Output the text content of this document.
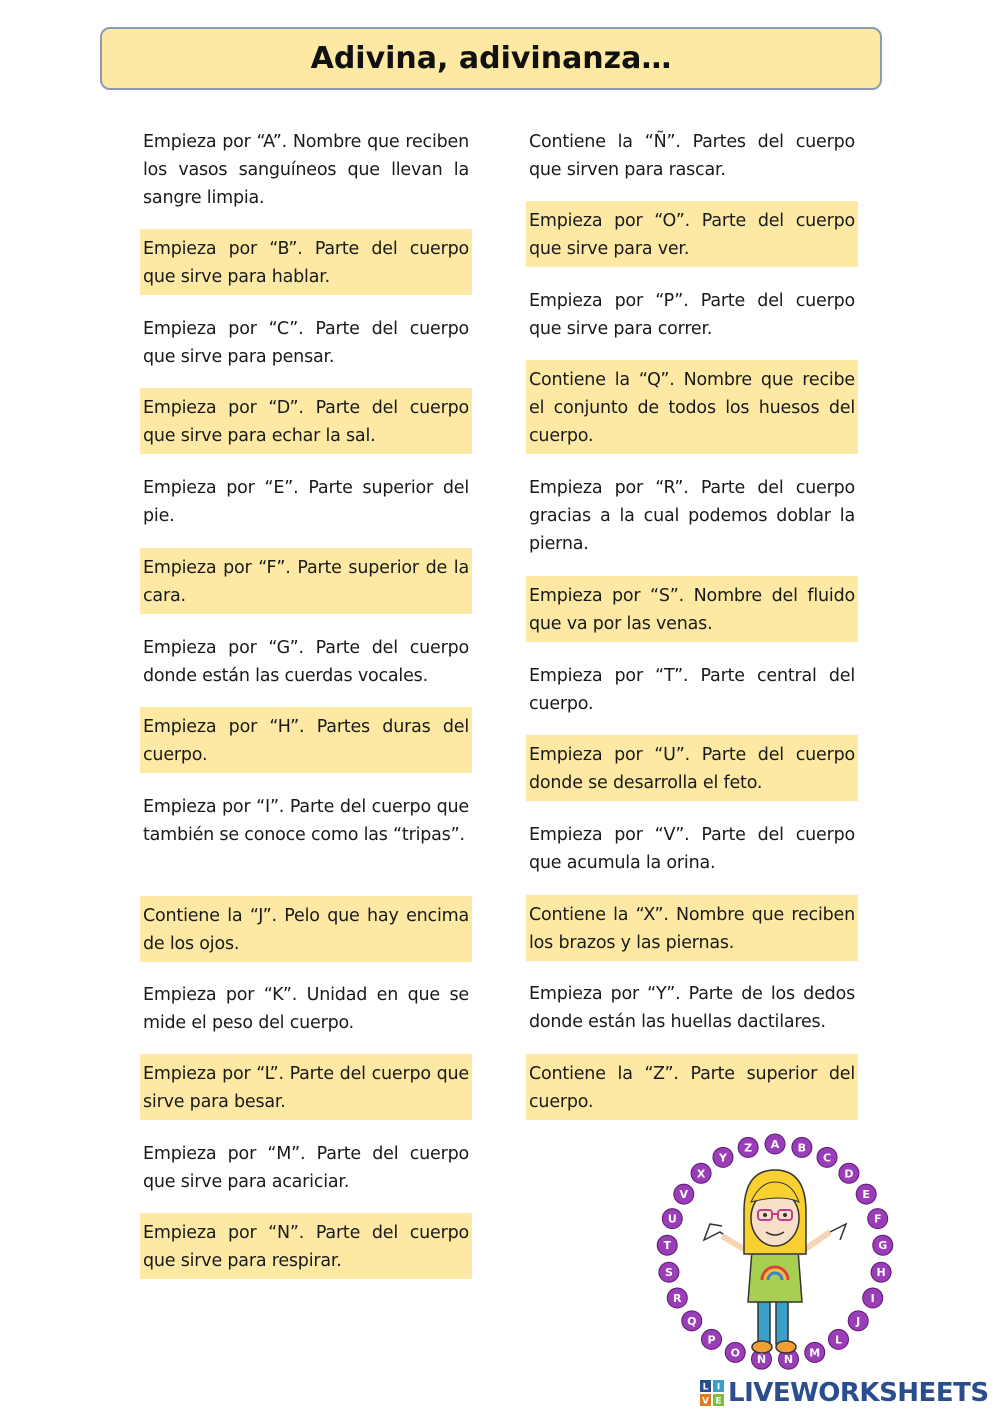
Adivina, adivinanza…
Empieza por “A”. Nombre que reciben los vasos sanguíneos que llevan la sangre limpia.
Empieza por “B”. Parte del cuerpo que sirve para hablar.
Empieza por “C”. Parte del cuerpo que sirve para pensar.
Empieza por “D”. Parte del cuerpo que sirve para echar la sal.
Empieza por “E”. Parte superior del pie.
Empieza por “F”. Parte superior de la cara.
Empieza por “G”. Parte del cuerpo donde están las cuerdas vocales.
Empieza por “H”. Partes duras del cuerpo.
Empieza por “I”. Parte del cuerpo que también se conoce como las “tripas”.
Contiene la “J”. Pelo que hay encima de los ojos.
Empieza por “K”. Unidad en que se mide el peso del cuerpo.
Empieza por “L”. Parte del cuerpo que sirve para besar.
Empieza por “M”. Parte del cuerpo que sirve para acariciar.
Empieza por “N”. Parte del cuerpo que sirve para respirar.
Contiene la “Ñ”. Partes del cuerpo que sirven para rascar.
Empieza por “O”. Parte del cuerpo que sirve para ver.
Empieza por “P”. Parte del cuerpo que sirve para correr.
Contiene la “Q”. Nombre que recibe el conjunto de todos los huesos del cuerpo.
Empieza por “R”. Parte del cuerpo gracias a la cual podemos doblar la pierna.
Empieza por “S”. Nombre del fluido que va por las venas.
Empieza por “T”. Parte central del cuerpo.
Empieza por “U”. Parte del cuerpo donde se desarrolla el feto.
Empieza por “V”. Parte del cuerpo que acumula la orina.
Contiene la “X”. Nombre que reciben los brazos y las piernas.
Empieza por “Y”. Parte de los dedos donde están las huellas dactilares.
Contiene la “Z”. Parte superior del cuerpo.
A B
C
D
E
F
G
H
I
J
L
M
N
Ñ
O
P
Q
R
S
T
U
V
X
Y
Z
L I
V E LIVEWORKSHEETS
